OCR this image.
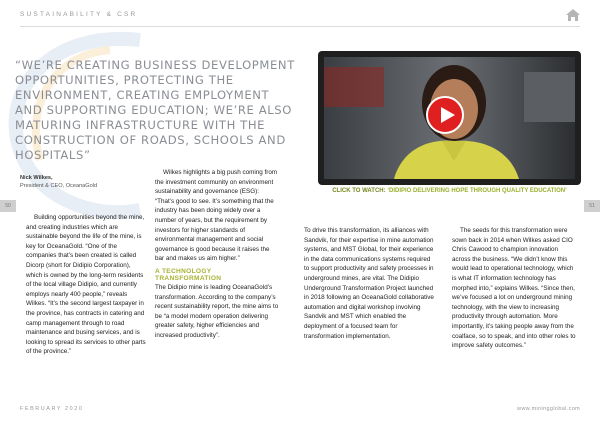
SUSTAINABILITY & CSR

“WE’RE CREATING BUSINESS DEVELOPMENT OPPORTUNITIES, PROTECTING THE ENVIRONMENT, CREATING EMPLOYMENT AND SUPPORTING EDUCATION; WE’RE ALSO MATURING INFRASTRUCTURE WITH THE CONSTRUCTION OF ROADS, SCHOOLS AND HOSPITALS”

Nick Wilkes,
President & CEO, OceanaGold
50	51

Building opportunities beyond the mine, and creating industries which are sustainable beyond the life of the mine, is key for OceanaGold. “One of the companies that’s been created is called Dicorp (short for Didipio Corporation), which is owned by the long-term residents of the local village Didipio, and currently employs nearly 400 people,” reveals Wilkes. “It’s the second largest taxpayer in the province, has contracts in catering and camp management through to road maintenance and busing services, and is looking to spread its services to other parts of the province.”

Wilkes highlights a big push coming from the investment community on environment sustainability and governance (ESG): “That’s good to see. It’s something that the industry has been doing widely over a number of years, but the requirement by investors for higher standards of environmental management and social governance is good because it raises the bar and makes us aim higher.”

A TECHNOLOGY TRANSFORMATION

The Didipio mine is leading OceanaGold’s transformation. According to the company’s recent sustainability report, the mine aims to be “a model modern operation delivering greater safety, higher efficiencies and increased productivity”.

To drive this transformation, its alliances with Sandvik, for their expertise in mine automation systems, and MST Global, for their experience in the data communications systems required to support productivity and safety processes in underground mines, are vital. The Didipio Underground Transformation Project launched in 2018 following an OceanaGold collaborative automation and digital workshop involving Sandvik and MST which enabled the deployment of a focused team for transformation implementation.

The seeds for this transformation were sown back in 2014 when Wilkes asked CIO Chris Cawood to champion innovation across the business. “We didn’t know this would lead to operational technology, which is what IT information technology has morphed into,” explains Wilkes. “Since then, we’ve focused a lot on underground mining technology, with the view to increasing productivity through automation. More importantly, it’s taking people away from the coalface, so to speak, and into other roles to improve safety outcomes.”

CLICK TO WATCH: ‘DIDIPIO DELIVERING HOPE THROUGH QUALITY EDUCATION’
FEBRUARY 2020	www.miningglobal.com
